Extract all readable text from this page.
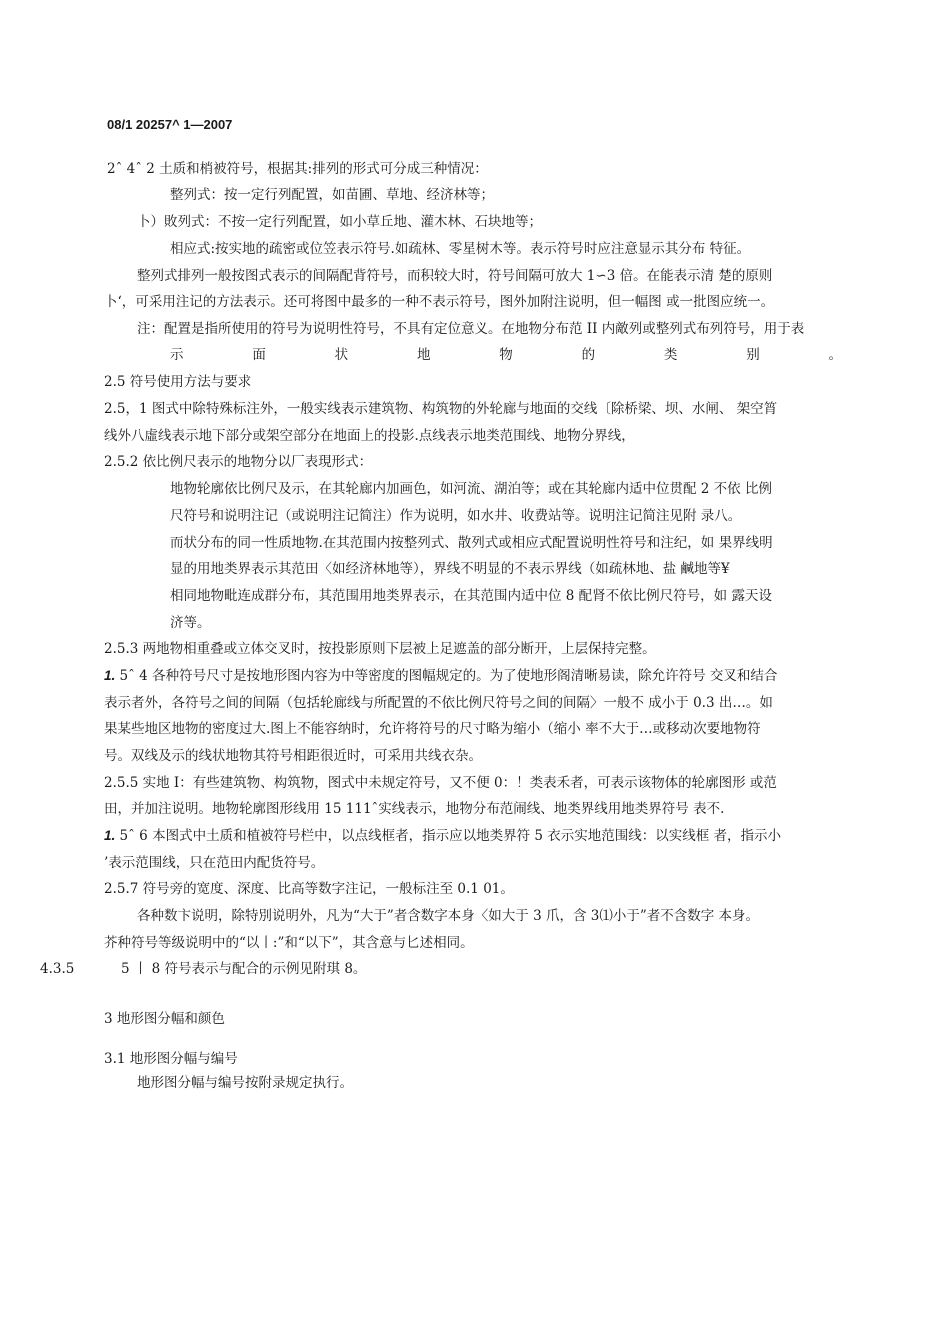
08/1 20257^ 1—2007
2ˆ 4ˆ 2 土质和梢被符号，根据其:排列的形式可分成三种情况：
整列式：按一定行列配置，如苗圃、草地、经济林等；
卜）敗列式：不按一定行列配置，如小草丘地、灌木林、石块地等；
相应式:按实地的疏密或位笠表示符号.如疏林、零星树木等。表示符号时应注意显示其分布 特征。
整列式排列一般按图式表示的间隔配背符号，而积较大时，符号间隔可放大 1∽3 倍。在能表示清 楚的原则
卜‘，可采用注记的方法表示。还可将图中最多的一种不表示符号，图外加附注说明，但一幅图 或一批图应统一。
注：配置是指所使用的符号为说明性符号，不具有定位意义。在地物分布范 II 内敵列或整列式布列符号，用于表
示	面	状	地	物	的	类	别	。
2.5 符号使用方法与要求
2.5，1 图式中除特殊标注外，一般实线表示建筑物、构筑物的外轮廊与地面的交线〔除桥梁、坝、水闸、 架空筲
线外八虛线表示地下部分或架空部分在地面上的投影.点线表示地类范围线、地物分界线，
2.5.2 依比例尺表示的地物分以厂表現形式：
地物轮廓依比例尺及示，在其轮廊内加画色，如河流、湖泊等；或在其轮廊内适中位贯配 2 不依 比例
尺符号和说明注记（或说明注记简注）作为说明，如水井、收费站等。说明注记简注见附 录八。
而状分布的同一性质地物.在其范围内按整列式、散列式或相应式配置说明性符号和注纪，如 果界线明
显的用地类界表示其范田〈如经济林地等），界线不明显的不表示界线（如疏林地、盐 鹹地等¥
相同地物毗连成群分布，其范围用地类界表示，在其范围内适中位 8 配肾不依比例尺符号，如 露天设
济等。
2.5.3 两地物相重叠或立体交叉时，按投影原则下层被上足遮盖的部分断开，上层保持完整。
1. 5ˆ 4 各种符号尺寸是按地形图内容为中等密度的图幅规定的。为了使地形阁清晰易读，除允许符号 交叉和结合
表示者外，各符号之间的间隔（包括轮廊线与所配置的不依比例尺符号之间的间隔〉一般不 成小于 0.3 出…。如
果某些地区地物的密度过大.图上不能容纳时，允许将符号的尺寸略为缩小（缩小 率不大于…或移动次要地物符
号。双线及示的线状地物其符号相距很近时，可采用共线衣杂。
2.5.5 实地 I：有些建筑物、构筑物，图式中未规定符号，又不便 0：！类表禾者，可表示该物体的轮廓图形 或范
田，并加注说明。地物轮廓图形线用 15 111ˆ实线表示，地物分布范闹线、地类界线用地类界符号 表不.
1. 5ˆ 6 本图式中土质和植被符号栏中，以点线框者，指示应以地类界符 5 衣示实地范围线：以实线框 者，指示小
’表示范围线，只在范田内配货符号。
2.5.7 符号旁的宽度、深度、比高等数字注记，一般标注至 0.1 01。
各种数卞说明，除特別说明外，凡为“大于”者含数字本身〈如大于 3 爪，含 3⑴小于”者不含数字 本身。
芥种符号等级说明中的“以丨:”和“以下”，其含意与匕述相同。
4.3.5	5 丨 8 符号表示与配合的示例见附琪 8。
3 地形图分幅和颜色
3.1 地形图分幅与编号
地形图分幅与编号按附录规定执行。
